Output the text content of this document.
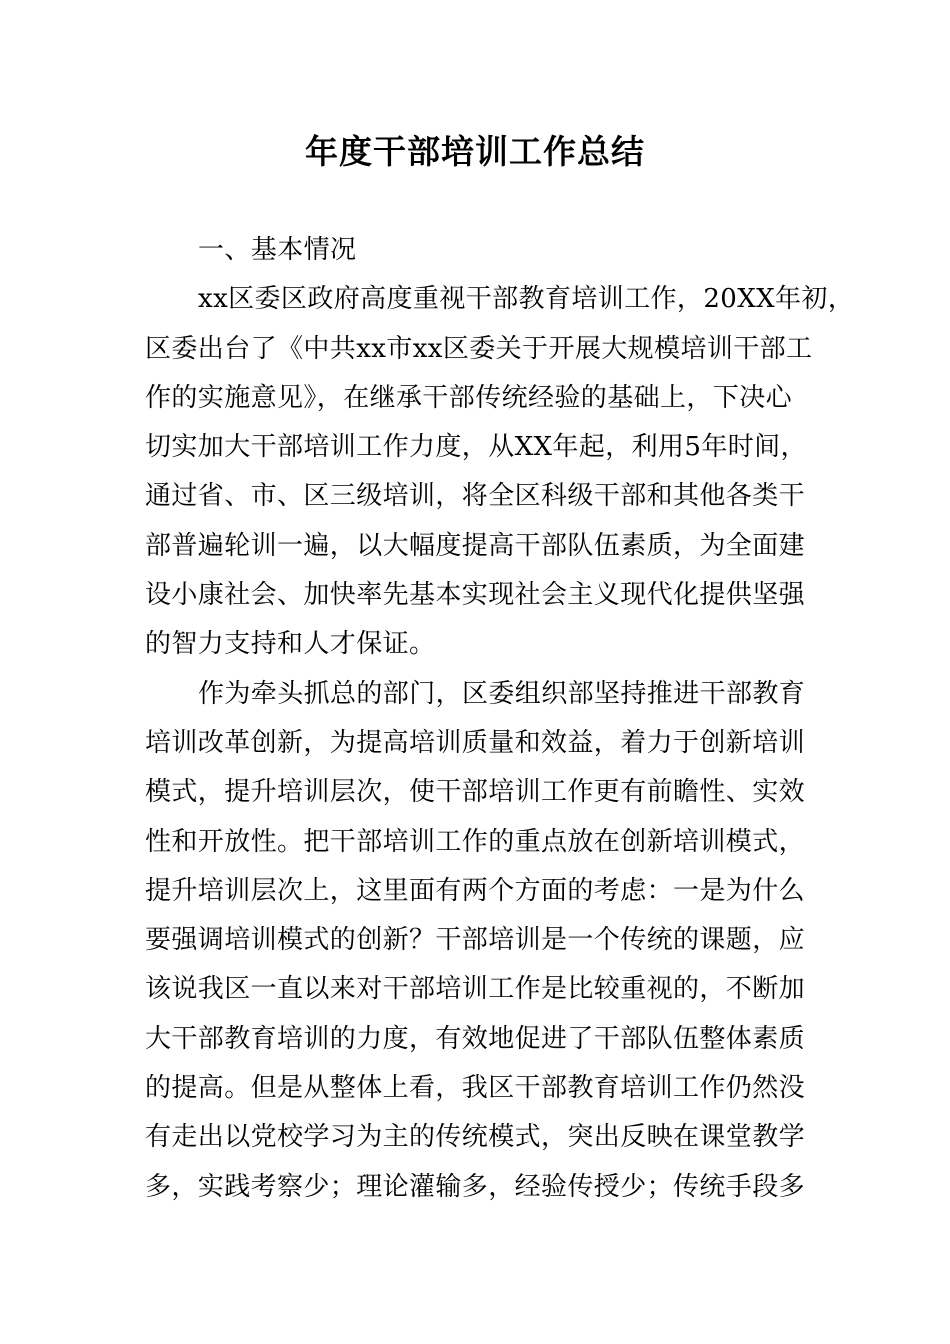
年度干部培训工作总结
一、基本情况
xx区委区政府高度重视干部教育培训工作，20XX年初，
区委出台了《中共xx市xx区委关于开展大规模培训干部工
作的实施意见》，在继承干部传统经验的基础上，下决心
切实加大干部培训工作力度，从XX年起，利用5年时间，
通过省、市、区三级培训，将全区科级干部和其他各类干
部普遍轮训一遍，以大幅度提高干部队伍素质，为全面建
设小康社会、加快率先基本实现社会主义现代化提供坚强
的智力支持和人才保证。
作为牵头抓总的部门，区委组织部坚持推进干部教育
培训改革创新，为提高培训质量和效益，着力于创新培训
模式，提升培训层次，使干部培训工作更有前瞻性、实效
性和开放性。把干部培训工作的重点放在创新培训模式，
提升培训层次上，这里面有两个方面的考虑：一是为什么
要强调培训模式的创新？干部培训是一个传统的课题，应
该说我区一直以来对干部培训工作是比较重视的，不断加
大干部教育培训的力度，有效地促进了干部队伍整体素质
的提高。但是从整体上看，我区干部教育培训工作仍然没
有走出以党校学习为主的传统模式，突出反映在课堂教学
多，实践考察少；理论灌输多，经验传授少；传统手段多
